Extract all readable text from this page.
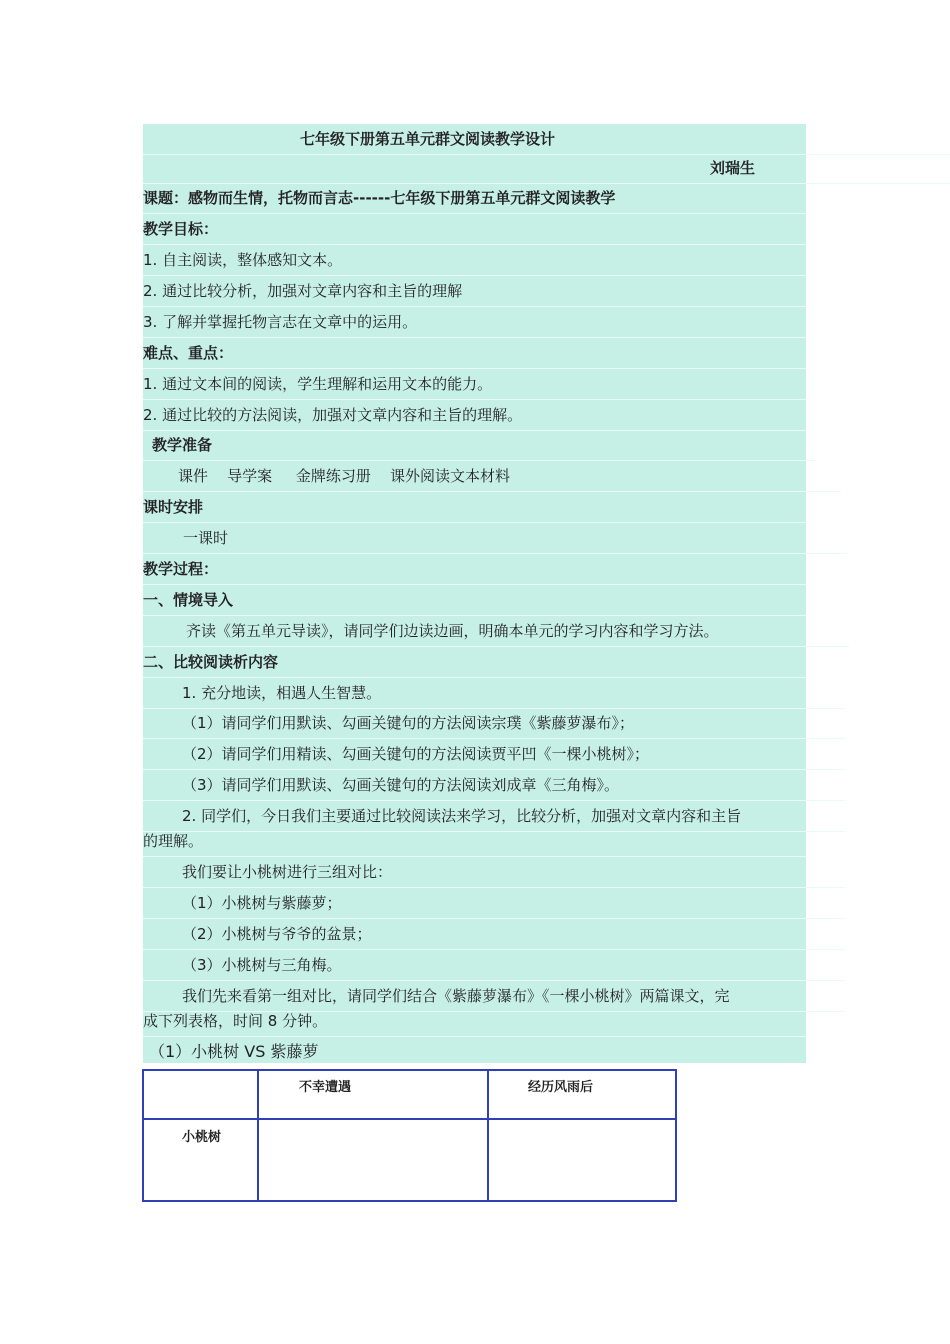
七年级下册第五单元群文阅读教学设计
刘瑞生
课题：感物而生情，托物而言志------七年级下册第五单元群文阅读教学
教学目标：
1. 自主阅读，整体感知文本。
2. 通过比较分析，加强对文章内容和主旨的理解
3. 了解并掌握托物言志在文章中的运用。
难点、重点：
1. 通过文本间的阅读，学生理解和运用文本的能力。
2. 通过比较的方法阅读，加强对文章内容和主旨的理解。
教学准备
课件    导学案     金牌练习册    课外阅读文本材料
课时安排
一课时
教学过程：
一、情境导入
齐读《第五单元导读》，请同学们边读边画，明确本单元的学习内容和学习方法。
二、比较阅读析内容
1. 充分地读，相遇人生智慧。
（1）请同学们用默读、勾画关键句的方法阅读宗璞《紫藤萝瀑布》；
（2）请同学们用精读、勾画关键句的方法阅读贾平凹《一棵小桃树》；
（3）请同学们用默读、勾画关键句的方法阅读刘成章《三角梅》。
2. 同学们，今日我们主要通过比较阅读法来学习，比较分析，加强对文章内容和主旨
的理解。
我们要让小桃树进行三组对比：
（1）小桃树与紫藤萝；
（2）小桃树与爷爷的盆景；
（3）小桃树与三角梅。
我们先来看第一组对比，请同学们结合《紫藤萝瀑布》《一棵小桃树》两篇课文，完
成下列表格，时间 8 分钟。
（1）小桃树 VS 紫藤萝
不幸遭遇	经历风雨后
小桃树
